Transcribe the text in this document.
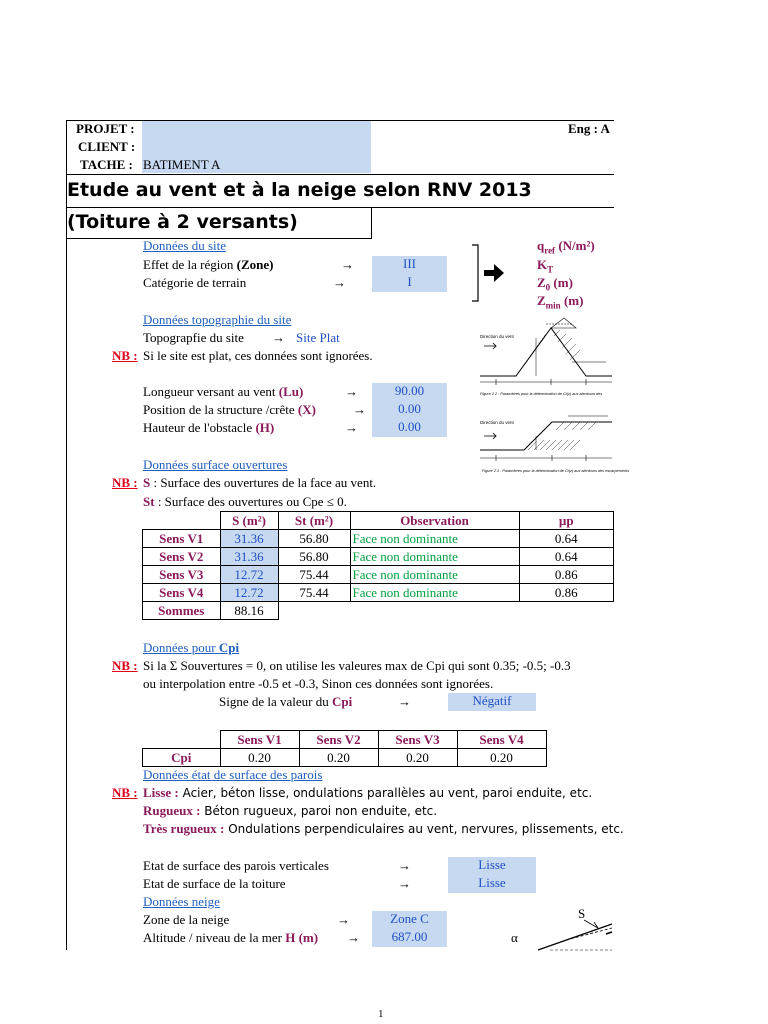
PROJET :
CLIENT :
TACHE : BATIMENT A
Eng : A
Etude au vent et à la neige selon RNV 2013
(Toiture à 2 versants)
Données du site
Effet de la région (Zone)	→	III
Catégorie de terrain	→	I
$q_{ref}$ (N/m²)
$K_T$
$Z_0$ (m)
$Z_{min}$ (m)
Données topographie du site
Topograpfie du site → Site Plat
NB : Si le site est plat, ces données sont ignorées.
Longueur versant au vent (Lu)	→	90.00
Position de la structure /crête (X)	→	0.00
Hauteur de l'obstacle (H)	→	0.00
Direction du vent
Figure 2.2 : Paramètres pour la détermination de Ct(z) aux alentours des
Direction du vent
Figure 2.3 : Paramètres pour la détermination de Ct(z) aux alentours des escarpements
Données surface ouvertures
NB : S : Surface des ouvertures de la face au vent.
St : Surface des ouvertures ou Cpe ≤ 0.
	S (m²)	St (m²)	Observation	µp
Sens V1	31.36	56.80	Face non dominante	0.64
Sens V2	31.36	56.80	Face non dominante	0.64
Sens V3	12.72	75.44	Face non dominante	0.86
Sens V4	12.72	75.44	Face non dominante	0.86
Sommes	88.16			
Données pour Cpi
NB : Si la Σ Souvertures = 0, on utilise les valeures max de Cpi qui sont 0.35; -0.5; -0.3
ou interpolation entre -0.5 et -0.3, Sinon ces données sont ignorées.
Signe de la valeur du Cpi	→	Négatif
	Sens V1	Sens V2	Sens V3	Sens V4
Cpi	0.20	0.20	0.20	0.20
Données état de surface des parois
NB : Lisse : Acier, béton lisse, ondulations parallèles au vent, paroi enduite, etc.
Rugueux : Béton rugueux, paroi non enduite, etc.
Très rugueux : Ondulations perpendiculaires au vent, nervures, plissements, etc.
Etat de surface des parois verticales	→	Lisse
Etat de surface de la toiture	→	Lisse
Données neige
Zone de la neige	→	Zone C
Altitude / niveau de la mer H (m) →	687.00	α
S
1
